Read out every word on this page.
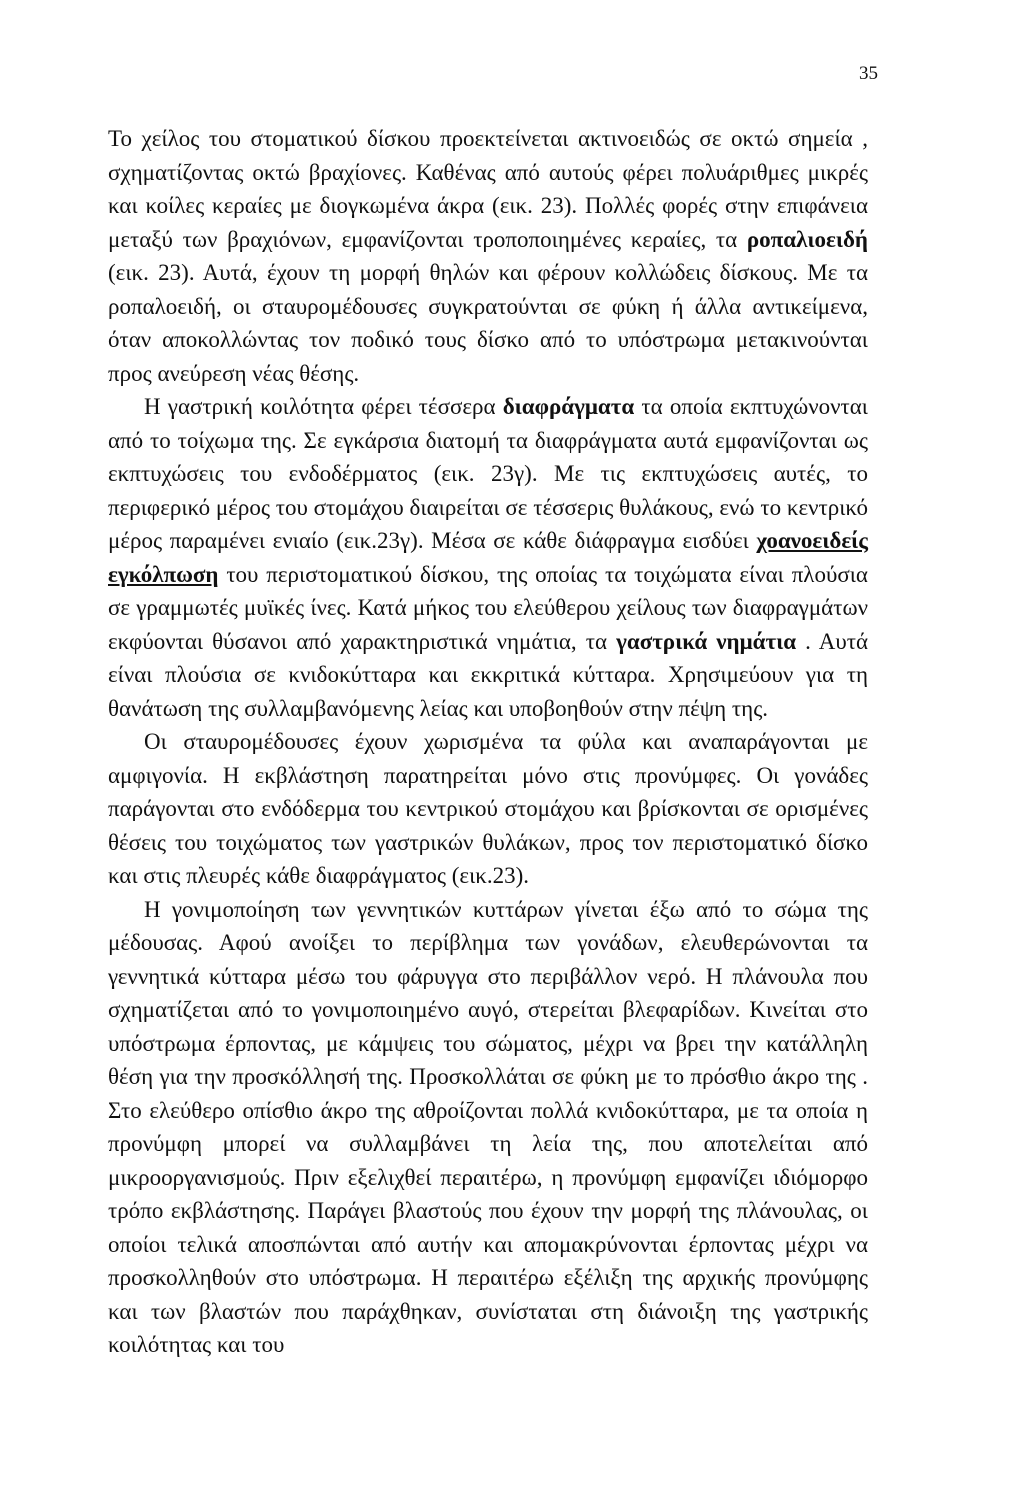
35

Το χείλος του στοματικού δίσκου προεκτείνεται ακτινοειδώς σε οκτώ σημεία , σχηματίζοντας οκτώ βραχίονες. Καθένας από αυτούς φέρει πολυάριθμες μικρές και κοίλες κεραίες με διογκωμένα άκρα (εικ. 23). Πολλές φορές στην επιφάνεια μεταξύ των βραχιόνων, εμφανίζονται τροποποιημένες κεραίες, τα ροπαλιοειδή (εικ. 23). Αυτά, έχουν τη μορφή θηλών και φέρουν κολλώδεις δίσκους. Με τα ροπαλοειδή, οι σταυρομέδουσες συγκρατούνται σε φύκη ή άλλα αντικείμενα, όταν αποκολλώντας τον ποδικό τους δίσκο από το υπόστρωμα μετακινούνται προς ανεύρεση νέας θέσης.

Η γαστρική κοιλότητα φέρει τέσσερα διαφράγματα τα οποία εκπτυχώνονται από το τοίχωμα της. Σε εγκάρσια διατομή τα διαφράγματα αυτά εμφανίζονται ως εκπτυχώσεις του ενδοδέρματος (εικ. 23γ). Με τις εκπτυχώσεις αυτές, το περιφερικό μέρος του στομάχου διαιρείται σε τέσσερις θυλάκους, ενώ το κεντρικό μέρος παραμένει ενιαίο (εικ.23γ). Μέσα σε κάθε διάφραγμα εισδύει χοανοειδείς εγκόλπωση του περιστοματικού δίσκου, της οποίας τα τοιχώματα είναι πλούσια σε γραμμωτές μυϊκές ίνες. Κατά μήκος του ελεύθερου χείλους των διαφραγμάτων εκφύονται θύσανοι από χαρακτηριστικά νημάτια, τα γαστρικά νημάτια . Αυτά είναι πλούσια σε κνιδοκύτταρα και εκκριτικά κύτταρα. Χρησιμεύουν για τη θανάτωση της συλλαμβανόμενης λείας και υποβοηθούν στην πέψη της.

Οι σταυρομέδουσες έχουν χωρισμένα τα φύλα και αναπαράγονται με αμφιγονία. Η εκβλάστηση παρατηρείται μόνο στις προνύμφες. Οι γονάδες παράγονται στο ενδόδερμα του κεντρικού στομάχου και βρίσκονται σε ορισμένες θέσεις του τοιχώματος των γαστρικών θυλάκων, προς τον περιστοματικό δίσκο και στις πλευρές κάθε διαφράγματος (εικ.23).

Η γονιμοποίηση των γεννητικών κυττάρων γίνεται έξω από το σώμα της μέδουσας. Αφού ανοίξει το περίβλημα των γονάδων, ελευθερώνονται τα γεννητικά κύτταρα μέσω του φάρυγγα στο περιβάλλον νερό. Η πλάνουλα που σχηματίζεται από το γονιμοποιημένο αυγό, στερείται βλεφαρίδων. Κινείται στο υπόστρωμα έρποντας, με κάμψεις του σώματος, μέχρι να βρει την κατάλληλη θέση για την προσκόλλησή της. Προσκολλάται σε φύκη με το πρόσθιο άκρο της . Στο ελεύθερο οπίσθιο άκρο της αθροίζονται πολλά κνιδοκύτταρα, με τα οποία η προνύμφη μπορεί να συλλαμβάνει τη λεία της, που αποτελείται από μικροοργανισμούς. Πριν εξελιχθεί περαιτέρω, η προνύμφη εμφανίζει ιδιόμορφο τρόπο εκβλάστησης. Παράγει βλαστούς που έχουν την μορφή της πλάνουλας, οι οποίοι τελικά αποσπώνται από αυτήν και απομακρύνονται έρποντας μέχρι να προσκολληθούν στο υπόστρωμα. Η περαιτέρω εξέλιξη της αρχικής προνύμφης και των βλαστών που παράχθηκαν, συνίσταται στη διάνοιξη της γαστρικής κοιλότητας και του
